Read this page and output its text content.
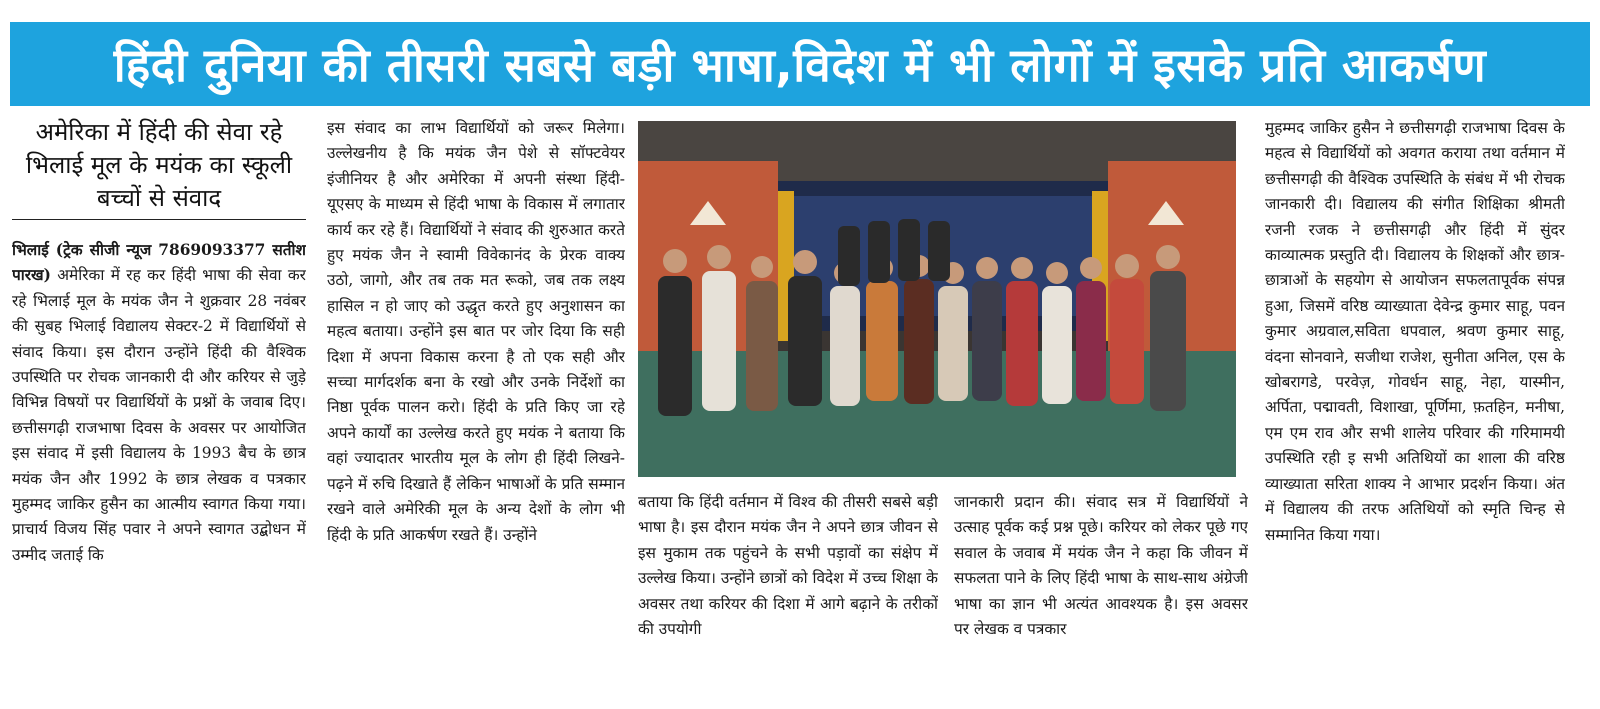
हिंदी दुनिया की तीसरी सबसे बड़ी भाषा,विदेश में भी लोगों में इसके प्रति आकर्षण
अमेरिका में हिंदी की सेवा रहे भिलाई मूल के मयंक का स्कूली बच्चों से संवाद

भिलाई (ट्रेक सीजी न्यूज 7869093377 सतीश पारख) अमेरिका में रह कर हिंदी भाषा की सेवा कर रहे भिलाई मूल के मयंक जैन ने शुक्रवार 28 नवंबर की सुबह भिलाई विद्यालय सेक्टर-2 में विद्यार्थियों से संवाद किया। इस दौरान उन्होंने हिंदी की वैश्विक उपस्थिति पर रोचक जानकारी दी और करियर से जुड़े विभिन्न विषयों पर विद्यार्थियों के प्रश्नों के जवाब दिए। छत्तीसगढ़ी राजभाषा दिवस के अवसर पर आयोजित इस संवाद में इसी विद्यालय के 1993 बैच के छात्र मयंक जैन और 1992 के छात्र लेखक व पत्रकार मुहम्मद जाकिर हुसैन का आत्मीय स्वागत किया गया। प्राचार्य विजय सिंह पवार ने अपने स्वागत उद्बोधन में उम्मीद जताई कि

इस संवाद का लाभ विद्यार्थियों को जरूर मिलेगा। उल्लेखनीय है कि मयंक जैन पेशे से सॉफ्टवेयर इंजीनियर है और अमेरिका में अपनी संस्था हिंदी-यूएसए के माध्यम से हिंदी भाषा के विकास में लगातार कार्य कर रहे हैं। विद्यार्थियों ने संवाद की शुरुआत करते हुए मयंक जैन ने स्वामी विवेकानंद के प्रेरक वाक्य उठो, जागो, और तब तक मत रूको, जब तक लक्ष्य हासिल न हो जाए को उद्धृत करते हुए अनुशासन का महत्व बताया। उन्होंने इस बात पर जोर दिया कि सही दिशा में अपना विकास करना है तो एक सही और सच्चा मार्गदर्शक बना के रखो और उनके निर्देशों का निष्ठा पूर्वक पालन करो। हिंदी के प्रति किए जा रहे अपने कार्यों का उल्लेख करते हुए मयंक ने बताया कि वहां ज्यादातर भारतीय मूल के लोग ही हिंदी लिखने-पढ़ने में रुचि दिखाते हैं लेकिन भाषाओं के प्रति सम्मान रखने वाले अमेरिकी मूल के अन्य देशों के लोग भी हिंदी के प्रति आकर्षण रखते हैं। उन्होंने

बताया कि हिंदी वर्तमान में विश्व की तीसरी सबसे बड़ी भाषा है। इस दौरान मयंक जैन ने अपने छात्र जीवन से इस मुकाम तक पहुंचने के सभी पड़ावों का संक्षेप में उल्लेख किया। उन्होंने छात्रों को विदेश में उच्च शिक्षा के अवसर तथा करियर की दिशा में आगे बढ़ाने के तरीकों की उपयोगी

जानकारी प्रदान की। संवाद सत्र में विद्यार्थियों ने उत्साह पूर्वक कई प्रश्न पूछे। करियर को लेकर पूछे गए सवाल के जवाब में मयंक जैन ने कहा कि जीवन में सफलता पाने के लिए हिंदी भाषा के साथ-साथ अंग्रेजी भाषा का ज्ञान भी अत्यंत आवश्यक है। इस अवसर पर लेखक व पत्रकार

मुहम्मद जाकिर हुसैन ने छत्तीसगढ़ी राजभाषा दिवस के महत्व से विद्यार्थियों को अवगत कराया तथा वर्तमान में छत्तीसगढ़ी की वैश्विक उपस्थिति के संबंध में भी रोचक जानकारी दी। विद्यालय की संगीत शिक्षिका श्रीमती रजनी रजक ने छत्तीसगढ़ी और हिंदी में सुंदर काव्यात्मक प्रस्तुति दी। विद्यालय के शिक्षकों और छात्र-छात्राओं के सहयोग से आयोजन सफलतापूर्वक संपन्न हुआ, जिसमें वरिष्ठ व्याख्याता देवेन्द्र कुमार साहू, पवन कुमार अग्रवाल,सविता धपवाल, श्रवण कुमार साहू, वंदना सोनवाने, सजीथा राजेश, सुनीता अनिल, एस के खोबरागडे, परवेज़, गोवर्धन साहू, नेहा, यास्मीन, अर्पिता, पद्मावती, विशाखा, पूर्णिमा, फ़तहिन, मनीषा, एम एम राव और सभी शालेय परिवार की गरिमामयी उपस्थिति रही इ सभी अतिथियों का शाला की वरिष्ठ व्याख्याता सरिता शाक्य ने आभार प्रदर्शन किया। अंत में विद्यालय की तरफ अतिथियों को स्मृति चिन्ह से सम्मानित किया गया।
